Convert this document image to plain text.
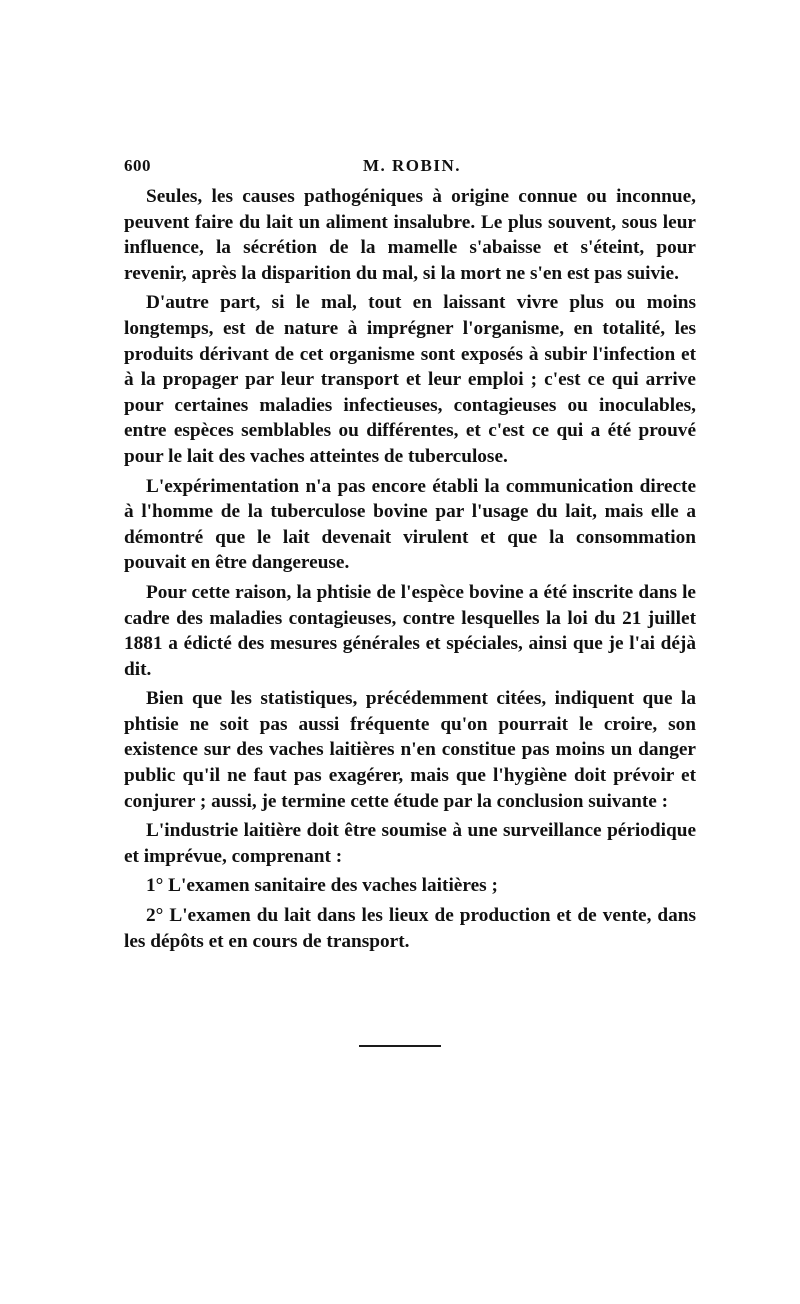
600	M. ROBIN.

Seules, les causes pathogéniques à origine connue ou inconnue, peuvent faire du lait un aliment insalubre. Le plus souvent, sous leur influence, la sécrétion de la mamelle s'abaisse et s'éteint, pour revenir, après la disparition du mal, si la mort ne s'en est pas suivie.

D'autre part, si le mal, tout en laissant vivre plus ou moins longtemps, est de nature à imprégner l'organisme, en totalité, les produits dérivant de cet organisme sont exposés à subir l'infection et à la propager par leur transport et leur emploi ; c'est ce qui arrive pour certaines maladies infectieuses, contagieuses ou inoculables, entre espèces semblables ou différentes, et c'est ce qui a été prouvé pour le lait des vaches atteintes de tuberculose.

L'expérimentation n'a pas encore établi la communication directe à l'homme de la tuberculose bovine par l'usage du lait, mais elle a démontré que le lait devenait virulent et que la consommation pouvait en être dangereuse.

Pour cette raison, la phtisie de l'espèce bovine a été inscrite dans le cadre des maladies contagieuses, contre lesquelles la loi du 21 juillet 1881 a édicté des mesures générales et spéciales, ainsi que je l'ai déjà dit.

Bien que les statistiques, précédemment citées, indiquent que la phtisie ne soit pas aussi fréquente qu'on pourrait le croire, son existence sur des vaches laitières n'en constitue pas moins un danger public qu'il ne faut pas exagérer, mais que l'hygiène doit prévoir et conjurer ; aussi, je termine cette étude par la conclusion suivante :

L'industrie laitière doit être soumise à une surveillance périodique et imprévue, comprenant :

1° L'examen sanitaire des vaches laitières ;

2° L'examen du lait dans les lieux de production et de vente, dans les dépôts et en cours de transport.
